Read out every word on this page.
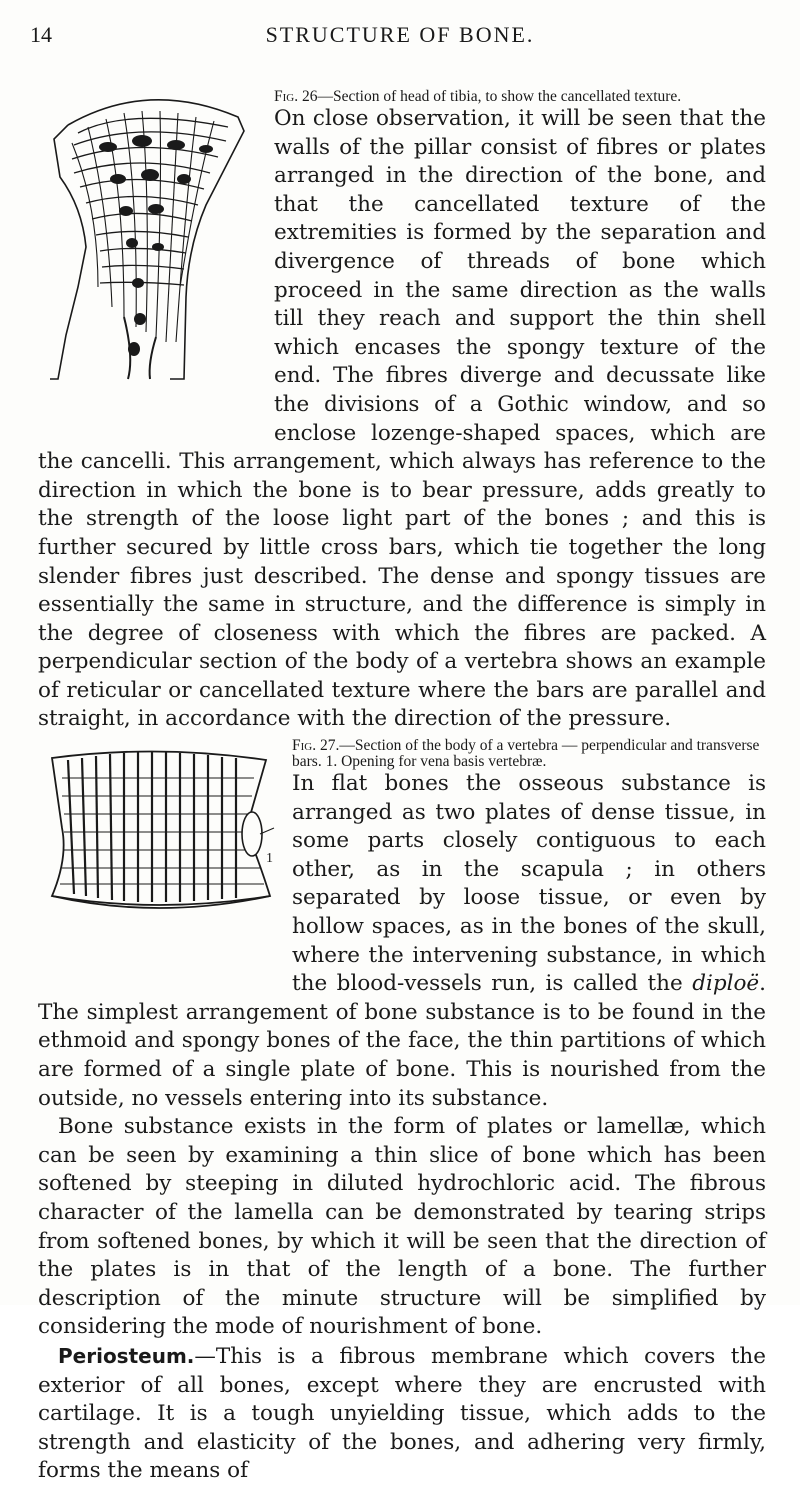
14	STRUCTURE OF BONE.

Fig. 26—Section of head of tibia, to show the cancellated texture.
On close observation, it will be seen that the walls of the pillar consist of fibres or plates arranged in the direction of the bone, and that the cancellated texture of the extremities is formed by the separation and divergence of threads of bone which proceed in the same direction as the walls till they reach and support the thin shell which encases the spongy texture of the end. The fibres diverge and decussate like the divisions of a Gothic window, and so enclose lozenge-shaped spaces, which are the cancelli. This arrangement, which always has reference to the direction in which the bone is to bear pressure, adds greatly to the strength of the loose light part of the bones ; and this is further secured by little cross bars, which tie together the long slender fibres just described. The dense and spongy tissues are essentially the same in structure, and the difference is simply in the degree of closeness with which the fibres are packed. A perpendicular section of the body of a vertebra shows an example of reticular or cancellated texture where the bars are parallel and straight, in accordance with the direction of the pressure.

1

Fig. 27.—Section of the body of a vertebra — perpendicular and transverse bars. 1. Opening for vena basis vertebræ.
In flat bones the osseous substance is arranged as two plates of dense tissue, in some parts closely contiguous to each other, as in the scapula ; in others separated by loose tissue, or even by hollow spaces, as in the bones of the skull, where the intervening substance, in which the blood-vessels run, is called the diploë. The simplest arrangement of bone substance is to be found in the ethmoid and spongy bones of the face, the thin partitions of which are formed of a single plate of bone. This is nourished from the outside, no vessels entering into its substance.

Bone substance exists in the form of plates or lamellæ, which can be seen by examining a thin slice of bone which has been softened by steeping in diluted hydrochloric acid. The fibrous character of the lamella can be demonstrated by tearing strips from softened bones, by which it will be seen that the direction of the plates is in that of the length of a bone. The further description of the minute structure will be simplified by considering the mode of nourishment of bone.

Periosteum.—This is a fibrous membrane which covers the exterior of all bones, except where they are encrusted with cartilage. It is a tough unyielding tissue, which adds to the strength and elasticity of the bones, and adhering very firmly, forms the means of
